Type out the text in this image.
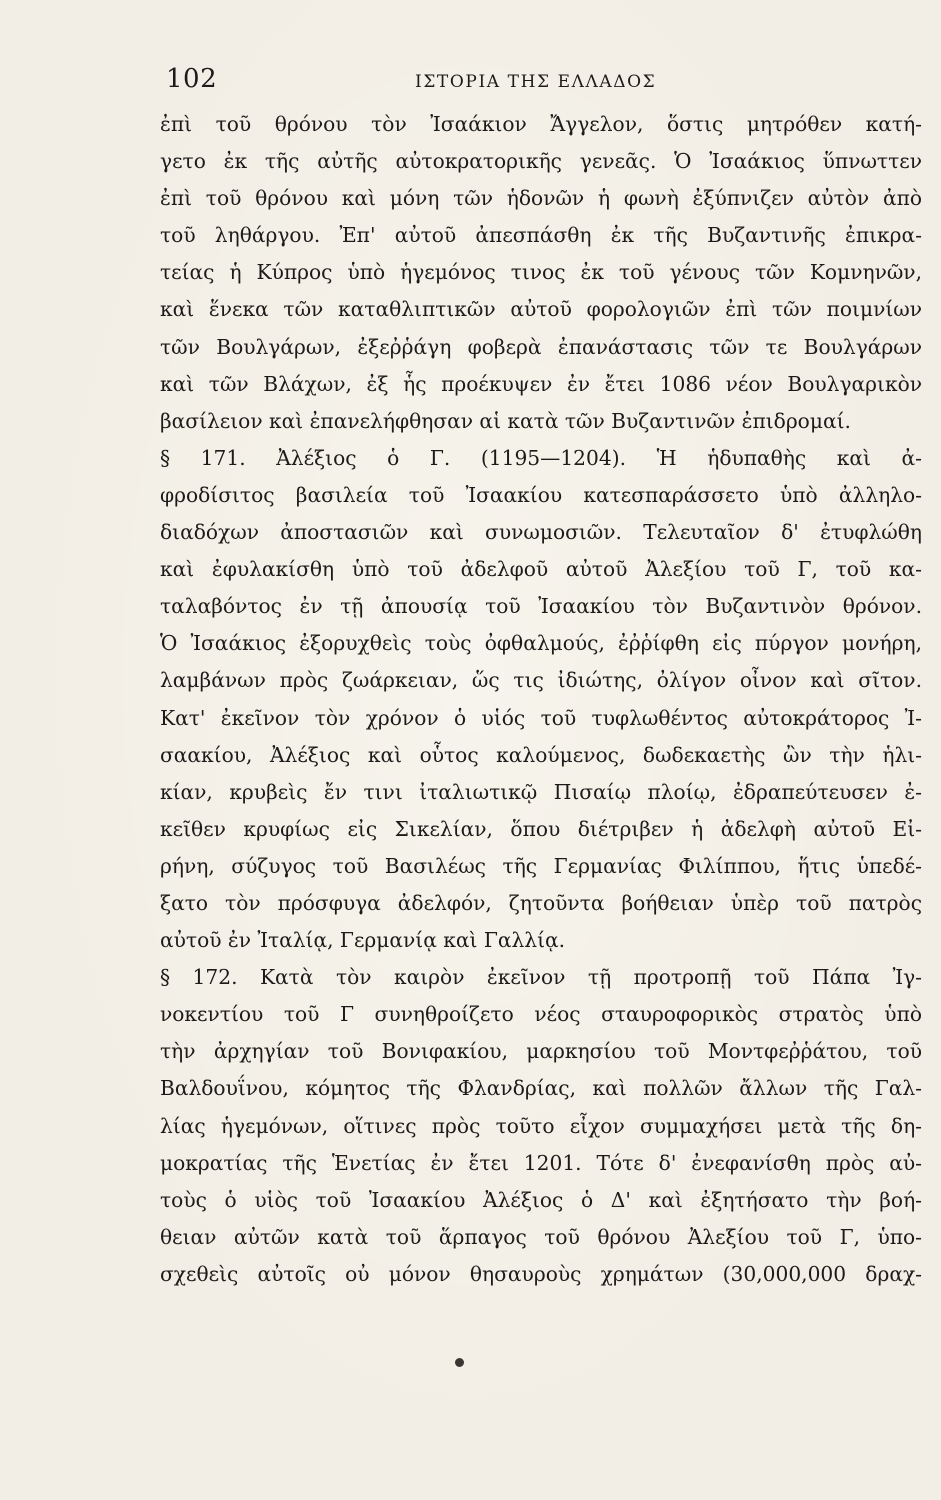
102	ΙΣΤΟΡΙΑ ΤΗΣ ΕΛΛΑΔΟΣ
ἐπὶ τοῦ θρόνου τὸν Ἰσαάκιον Ἄγγελον, ὅστις μητρόθεν κατή-
γετο ἐκ τῆς αὐτῆς αὐτοκρατορικῆς γενεᾶς. Ὁ Ἰσαάκιος ὕπνωττεν
ἐπὶ τοῦ θρόνου καὶ μόνη τῶν ἡδονῶν ἡ φωνὴ ἐξύπνιζεν αὐτὸν ἀπὸ
τοῦ ληθάργου. Ἐπ' αὐτοῦ ἀπεσπάσθη ἐκ τῆς Βυζαντινῆς ἐπικρα-
τείας ἡ Κύπρος ὑπὸ ἡγεμόνος τινος ἐκ τοῦ γένους τῶν Κομνηνῶν,
καὶ ἕνεκα τῶν καταθλιπτικῶν αὐτοῦ φορολογιῶν ἐπὶ τῶν ποιμνίων
τῶν Βουλγάρων, ἐξεῤῥάγη φοβερὰ ἐπανάστασις τῶν τε Βουλγάρων
καὶ τῶν Βλάχων, ἐξ ἧς προέκυψεν ἐν ἔτει 1086 νέον Βουλγαρικὸν
βασίλειον καὶ ἐπανελήφθησαν αἱ κατὰ τῶν Βυζαντινῶν ἐπιδρομαί.
§ 171. Ἀλέξιος ὁ Γ. (1195—1204). Ἡ ἡδυπαθὴς καὶ ἀ-
φροδίσιτος βασιλεία τοῦ Ἰσαακίου κατεσπαράσσετο ὑπὸ ἀλληλο-
διαδόχων ἀποστασιῶν καὶ συνωμοσιῶν. Τελευταῖον δ' ἐτυφλώθη
καὶ ἐφυλακίσθη ὑπὸ τοῦ ἀδελφοῦ αὐτοῦ Ἀλεξίου τοῦ Γ, τοῦ κα-
ταλαβόντος ἐν τῇ ἀπουσίᾳ τοῦ Ἰσαακίου τὸν Βυζαντινὸν θρόνον.
Ὁ Ἰσαάκιος ἐξορυχθεὶς τοὺς ὀφθαλμούς, ἐῤῥίφθη εἰς πύργον μονήρη,
λαμβάνων πρὸς ζωάρκειαν, ὥς τις ἰδιώτης, ὀλίγον οἶνον καὶ σῖτον.
Κατ' ἐκεῖνον τὸν χρόνον ὁ υἱός τοῦ τυφλωθέντος αὐτοκράτορος Ἰ-
σαακίου, Ἀλέξιος καὶ οὗτος καλούμενος, δωδεκαετὴς ὢν τὴν ἡλι-
κίαν, κρυβεὶς ἔν τινι ἰταλιωτικῷ Πισαίῳ πλοίῳ, ἐδραπεύτευσεν ἐ-
κεῖθεν κρυφίως εἰς Σικελίαν, ὅπου διέτριβεν ἡ ἀδελφὴ αὐτοῦ Εἰ-
ρήνη, σύζυγος τοῦ Βασιλέως τῆς Γερμανίας Φιλίππου, ἥτις ὑπεδέ-
ξατο τὸν πρόσφυγα ἀδελφόν, ζητοῦντα βοήθειαν ὑπὲρ τοῦ πατρὸς
αὐτοῦ ἐν Ἰταλίᾳ, Γερμανίᾳ καὶ Γαλλίᾳ.
§ 172. Κατὰ τὸν καιρὸν ἐκεῖνον τῇ προτροπῇ τοῦ Πάπα Ἰγ-
νοκεντίου τοῦ Γ συνηθροίζετο νέος σταυροφορικὸς στρατὸς ὑπὸ
τὴν ἀρχηγίαν τοῦ Βονιφακίου, μαρκησίου τοῦ Μοντφεῤῥάτου, τοῦ
Βαλδουΐνου, κόμητος τῆς Φλανδρίας, καὶ πολλῶν ἄλλων τῆς Γαλ-
λίας ἡγεμόνων, οἵτινες πρὸς τοῦτο εἶχον συμμαχήσει μετὰ τῆς δη-
μοκρατίας τῆς Ἑνετίας ἐν ἔτει 1201. Τότε δ' ἐνεφανίσθη πρὸς αὐ-
τοὺς ὁ υἱὸς τοῦ Ἰσαακίου Ἀλέξιος ὁ Δ' καὶ ἐξητήσατο τὴν βοή-
θειαν αὐτῶν κατὰ τοῦ ἅρπαγος τοῦ θρόνου Ἀλεξίου τοῦ Γ, ὑπο-
σχεθεὶς αὐτοῖς οὐ μόνον θησαυροὺς χρημάτων (30,000,000 δραχ-
